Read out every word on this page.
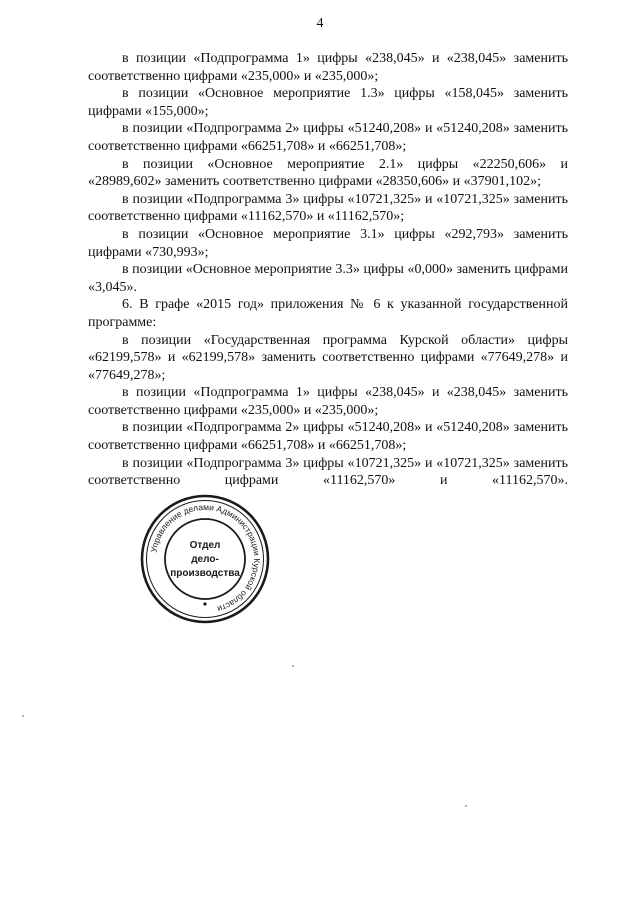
4

в позиции «Подпрограмма 1» цифры «238,045» и «238,045» заменить соответственно цифрами «235,000» и «235,000»;

в позиции «Основное мероприятие 1.3» цифры «158,045» заменить цифрами «155,000»;

в позиции «Подпрограмма 2» цифры «51240,208» и «51240,208» заменить соответственно цифрами «66251,708» и «66251,708»;

в позиции «Основное мероприятие 2.1» цифры «22250,606» и «28989,602» заменить соответственно цифрами «28350,606» и «37901,102»;

в позиции «Подпрограмма 3» цифры «10721,325» и «10721,325» заменить соответственно цифрами «11162,570» и «11162,570»;

в позиции «Основное мероприятие 3.1» цифры «292,793» заменить цифрами «730,993»;

в позиции «Основное мероприятие 3.3» цифры «0,000» заменить цифрами «3,045».

6. В графе «2015 год» приложения № 6 к указанной государственной программе:

в позиции «Государственная программа Курской области» цифры «62199,578» и «62199,578» заменить соответственно цифрами «77649,278» и «77649,278»;

в позиции «Подпрограмма 1» цифры «238,045» и «238,045» заменить соответственно цифрами «235,000» и «235,000»;

в позиции «Подпрограмма 2» цифры «51240,208» и «51240,208» заменить соответственно цифрами «66251,708» и «66251,708»;

в позиции «Подпрограмма 3» цифры «10721,325» и «10721,325» заменить соответственно цифрами «11162,570» и «11162,570».

Управление делами Администрации Курской области
Отдел
дело-
производства
